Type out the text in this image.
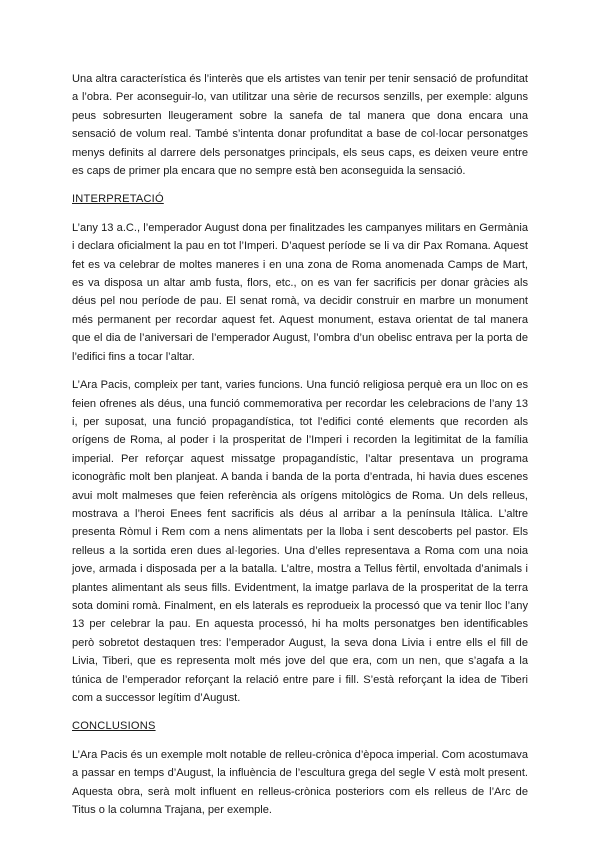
Una altra característica és l’interès que els artistes van tenir per tenir sensació de profunditat a l’obra. Per aconseguir-lo, van utilitzar una sèrie de recursos senzills, per exemple: alguns peus sobresurten lleugerament sobre la sanefa de tal manera que dona encara una sensació de volum real. També s’intenta donar profunditat a base de col·locar personatges menys definits al darrere dels personatges principals, els seus caps, es deixen veure entre es caps de primer pla encara que no sempre està ben aconseguida la sensació.

INTERPRETACIÓ

L’any 13 a.C., l’emperador August dona per finalitzades les campanyes militars en Germània i declara oficialment la pau en tot l’Imperi. D’aquest període se li va dir Pax Romana. Aquest fet es va celebrar de moltes maneres i en una zona de Roma anomenada Camps de Mart, es va disposa un altar amb fusta, flors, etc., on es van fer sacrificis per donar gràcies als déus pel nou període de pau. El senat romà, va decidir construir en marbre un monument més permanent per recordar aquest fet. Aquest monument, estava orientat de tal manera que el dia de l’aniversari de l’emperador August, l’ombra d’un obelisc entrava per la porta de l’edifici fins a tocar l’altar.

L’Ara Pacis, compleix per tant, varies funcions. Una funció religiosa perquè era un lloc on es feien ofrenes als déus, una funció commemorativa per recordar les celebracions de l’any 13 i, per suposat, una funció propagandística, tot l’edifici conté elements que recorden als orígens de Roma, al poder i la prosperitat de l’Imperi i recorden la legitimitat de la família imperial. Per reforçar aquest missatge propagandístic, l’altar presentava un programa iconogràfic molt ben planjeat. A banda i banda de la porta d’entrada, hi havia dues escenes avui molt malmeses que feien referència als orígens mitològics de Roma. Un dels relleus, mostrava a l’heroi Enees fent sacrificis als déus al arribar a la península Itàlica. L’altre presenta Ròmul i Rem com a nens alimentats per la lloba i sent descoberts pel pastor. Els relleus a la sortida eren dues al·legories. Una d’elles representava a Roma com una noia jove, armada i disposada per a la batalla. L’altre, mostra a Tellus fèrtil, envoltada d’animals i plantes alimentant als seus fills. Evidentment, la imatge parlava de la prosperitat de la terra sota domini romà. Finalment, en els laterals es reprodueix la processó que va tenir lloc l’any 13 per celebrar la pau. En aquesta processó, hi ha molts personatges ben identificables però sobretot destaquen tres: l’emperador August, la seva dona Livia i entre ells el fill de Livia, Tiberi, que es representa molt més jove del que era, com un nen, que s’agafa a la túnica de l’emperador reforçant la relació entre pare i fill. S’està reforçant la idea de Tiberi com a successor legítim d’August.

CONCLUSIONS

L’Ara Pacis és un exemple molt notable de relleu-crònica d’època imperial. Com acostumava a passar en temps d’August, la influència de l’escultura grega del segle V està molt present. Aquesta obra, serà molt influent en relleus-crònica posteriors com els relleus de l’Arc de Titus o la columna Trajana, per exemple.
